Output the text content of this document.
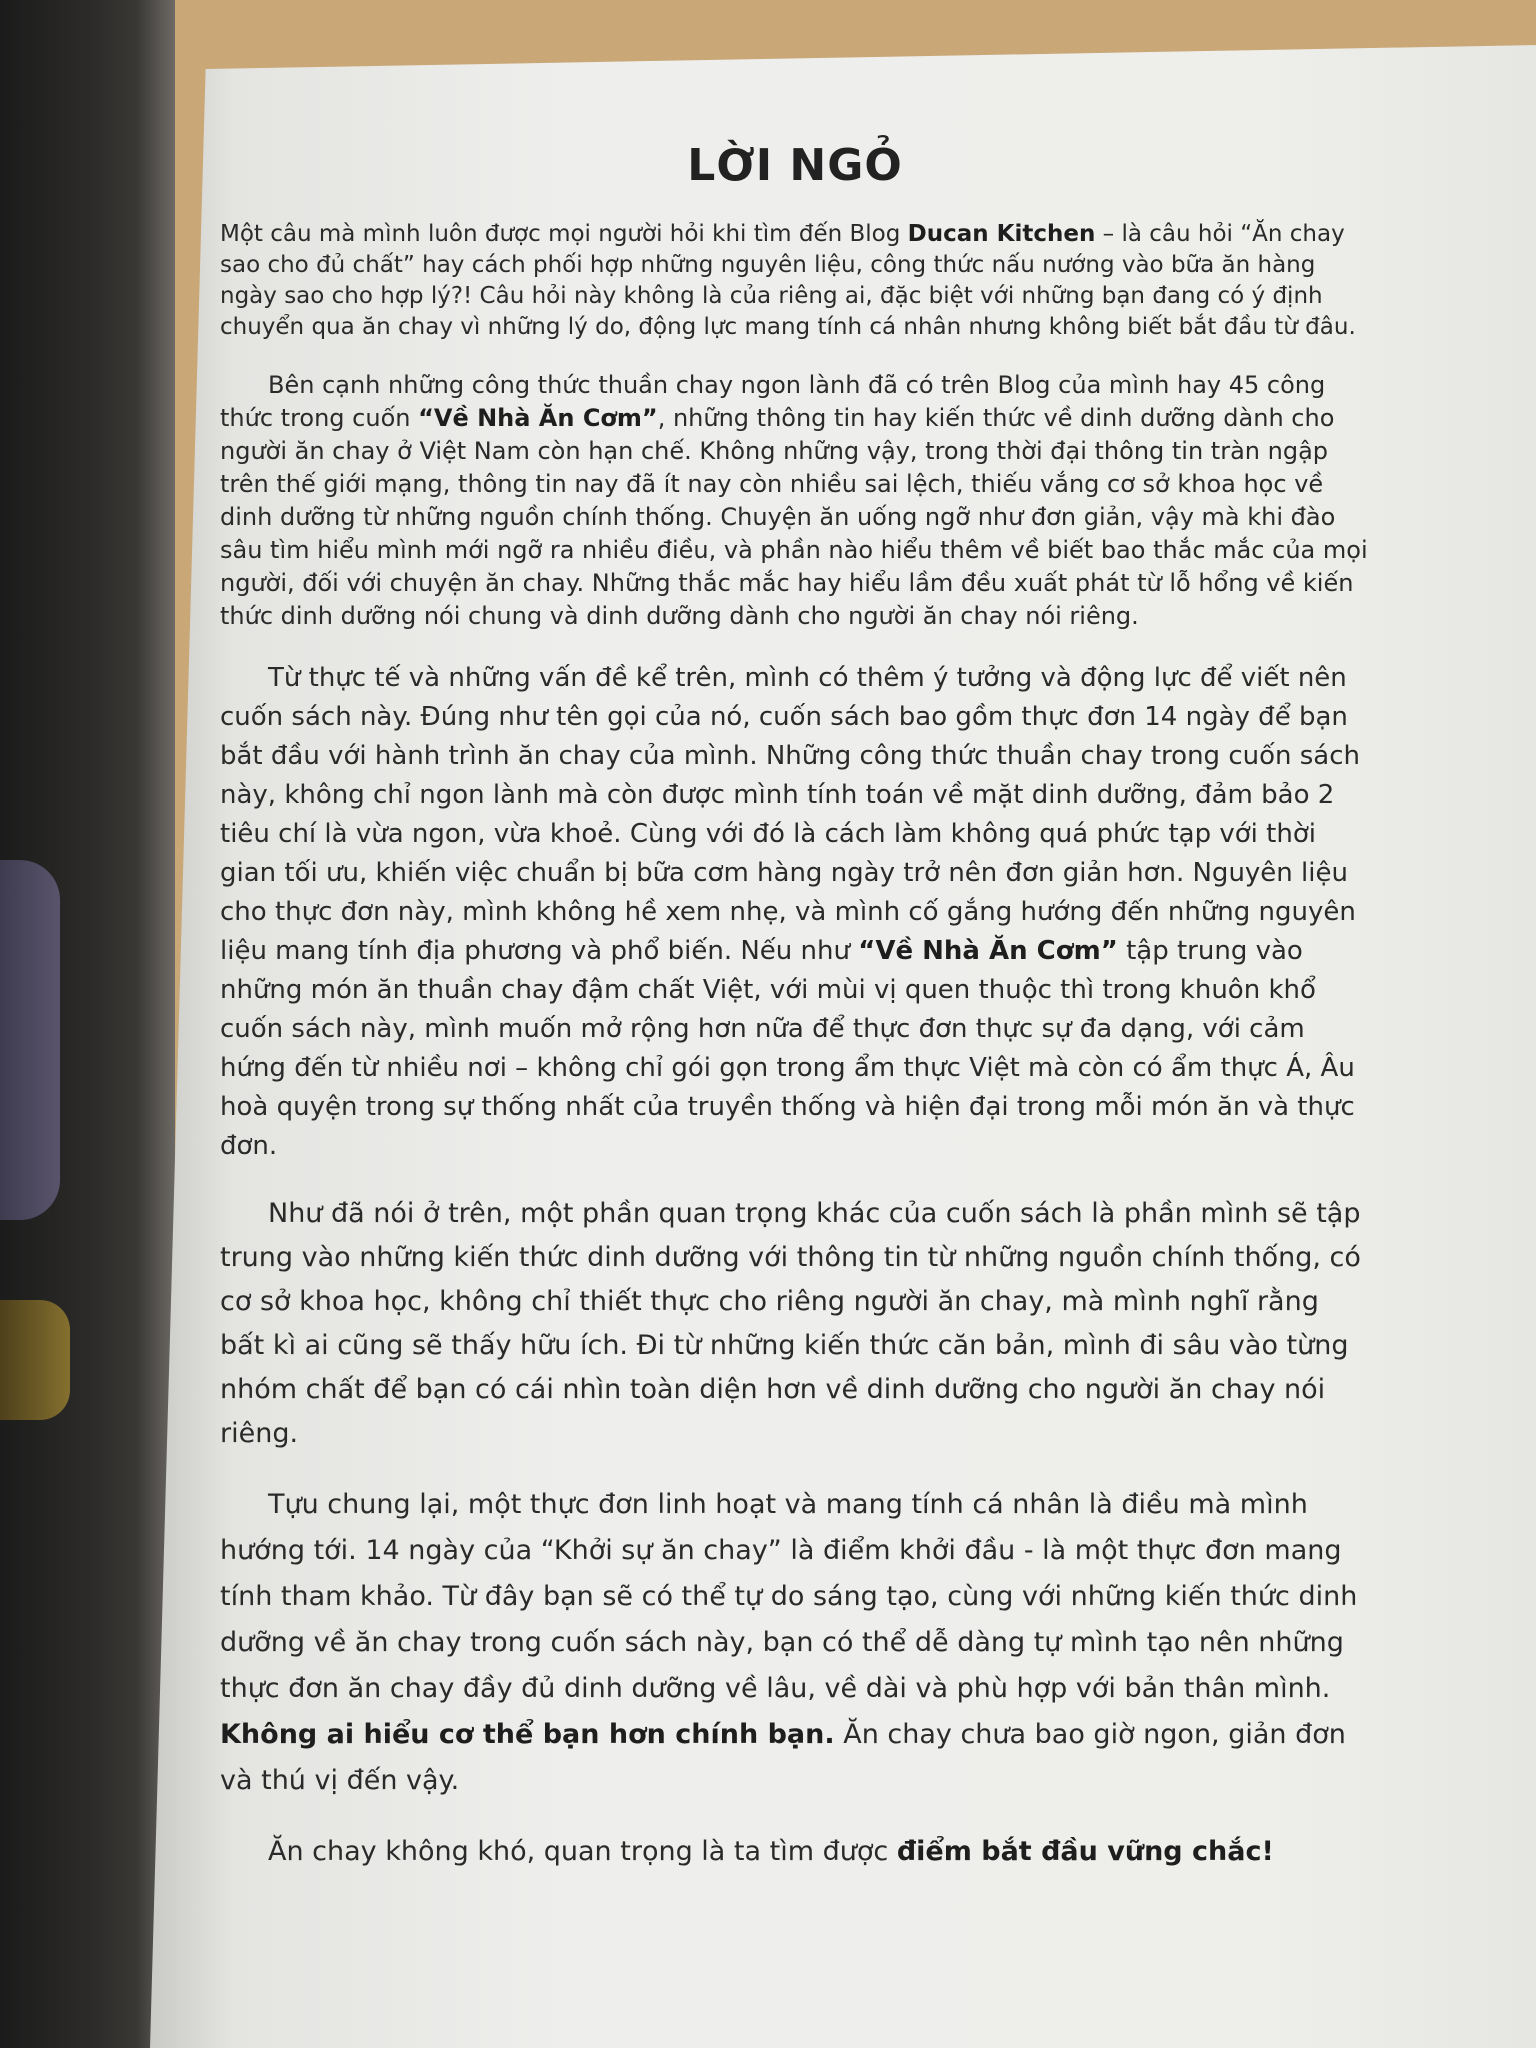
LỜI NGỎ

Một câu mà mình luôn được mọi người hỏi khi tìm đến Blog Ducan Kitchen – là câu hỏi “Ăn chay sao cho đủ chất” hay cách phối hợp những nguyên liệu, công thức nấu nướng vào bữa ăn hàng ngày sao cho hợp lý?! Câu hỏi này không là của riêng ai, đặc biệt với những bạn đang có ý định chuyển qua ăn chay vì những lý do, động lực mang tính cá nhân nhưng không biết bắt đầu từ đâu.

Bên cạnh những công thức thuần chay ngon lành đã có trên Blog của mình hay 45 công thức trong cuốn “Về Nhà Ăn Cơm”, những thông tin hay kiến thức về dinh dưỡng dành cho người ăn chay ở Việt Nam còn hạn chế. Không những vậy, trong thời đại thông tin tràn ngập trên thế giới mạng, thông tin nay đã ít nay còn nhiều sai lệch, thiếu vắng cơ sở khoa học về dinh dưỡng từ những nguồn chính thống. Chuyện ăn uống ngỡ như đơn giản, vậy mà khi đào sâu tìm hiểu mình mới ngỡ ra nhiều điều, và phần nào hiểu thêm về biết bao thắc mắc của mọi người, đối với chuyện ăn chay. Những thắc mắc hay hiểu lầm đều xuất phát từ lỗ hổng về kiến thức dinh dưỡng nói chung và dinh dưỡng dành cho người ăn chay nói riêng.

Từ thực tế và những vấn đề kể trên, mình có thêm ý tưởng và động lực để viết nên cuốn sách này. Đúng như tên gọi của nó, cuốn sách bao gồm thực đơn 14 ngày để bạn bắt đầu với hành trình ăn chay của mình. Những công thức thuần chay trong cuốn sách này, không chỉ ngon lành mà còn được mình tính toán về mặt dinh dưỡng, đảm bảo 2 tiêu chí là vừa ngon, vừa khoẻ. Cùng với đó là cách làm không quá phức tạp với thời gian tối ưu, khiến việc chuẩn bị bữa cơm hàng ngày trở nên đơn giản hơn. Nguyên liệu cho thực đơn này, mình không hề xem nhẹ, và mình cố gắng hướng đến những nguyên liệu mang tính địa phương và phổ biến. Nếu như “Về Nhà Ăn Cơm” tập trung vào những món ăn thuần chay đậm chất Việt, với mùi vị quen thuộc thì trong khuôn khổ cuốn sách này, mình muốn mở rộng hơn nữa để thực đơn thực sự đa dạng, với cảm hứng đến từ nhiều nơi – không chỉ gói gọn trong ẩm thực Việt mà còn có ẩm thực Á, Âu hoà quyện trong sự thống nhất của truyền thống và hiện đại trong mỗi món ăn và thực đơn.

Như đã nói ở trên, một phần quan trọng khác của cuốn sách là phần mình sẽ tập trung vào những kiến thức dinh dưỡng với thông tin từ những nguồn chính thống, có cơ sở khoa học, không chỉ thiết thực cho riêng người ăn chay, mà mình nghĩ rằng bất kì ai cũng sẽ thấy hữu ích. Đi từ những kiến thức căn bản, mình đi sâu vào từng nhóm chất để bạn có cái nhìn toàn diện hơn về dinh dưỡng cho người ăn chay nói riêng.

Tựu chung lại, một thực đơn linh hoạt và mang tính cá nhân là điều mà mình hướng tới. 14 ngày của “Khởi sự ăn chay” là điểm khởi đầu - là một thực đơn mang tính tham khảo. Từ đây bạn sẽ có thể tự do sáng tạo, cùng với những kiến thức dinh dưỡng về ăn chay trong cuốn sách này, bạn có thể dễ dàng tự mình tạo nên những thực đơn ăn chay đầy đủ dinh dưỡng về lâu, về dài và phù hợp với bản thân mình. Không ai hiểu cơ thể bạn hơn chính bạn. Ăn chay chưa bao giờ ngon, giản đơn và thú vị đến vậy.

Ăn chay không khó, quan trọng là ta tìm được điểm bắt đầu vững chắc!
